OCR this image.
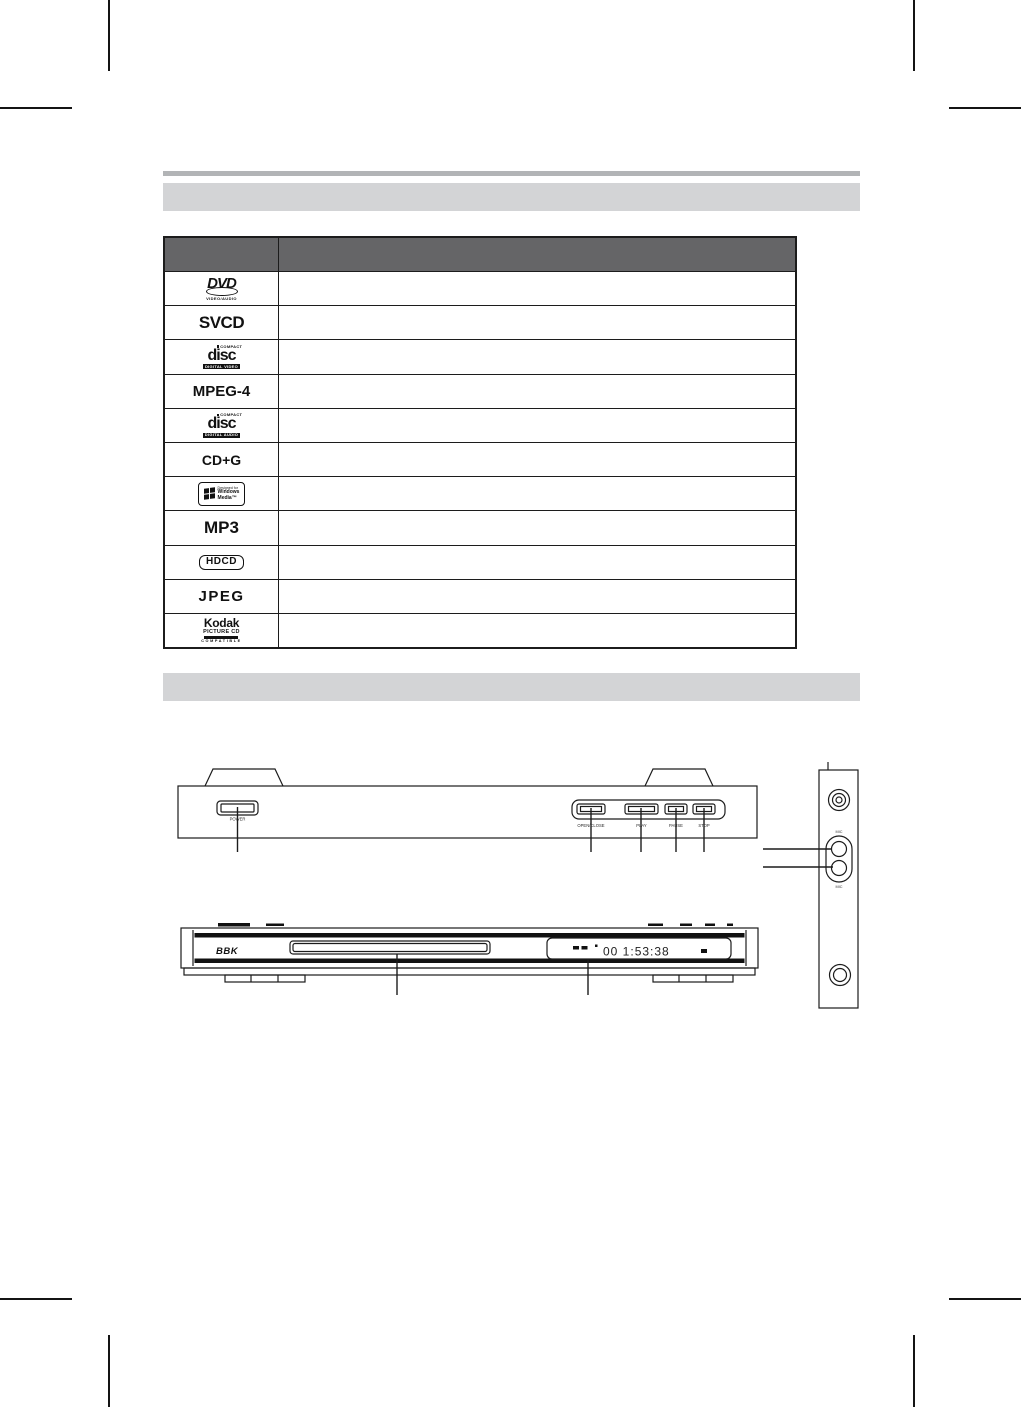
DVD
VIDEO/AUDIO
SVCD
COMPACT
disc
DIGITAL VIDEO
MPEG-4
COMPACT
disc
DIGITAL AUDIO
CD+G
Designed for
Windows
Media™
MP3
HDCD
JPEG
Kodak
PICTURE CD
COMPATIBLE
POWER
OPEN/CLOSE	PLAY	PAUSE	STOP
BBK	00 1:53:38
MIC
MIC
